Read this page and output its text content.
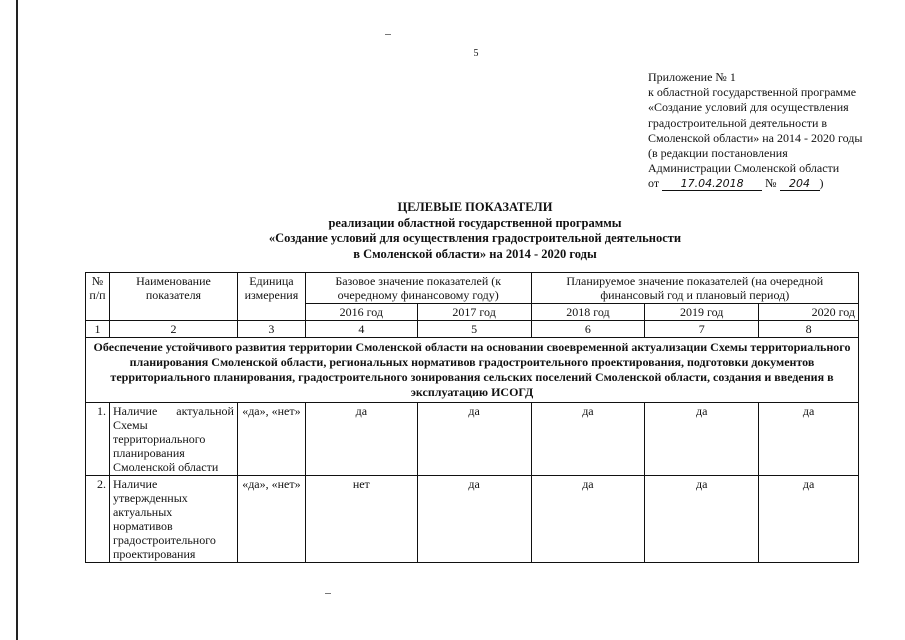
5
Приложение № 1
к областной государственной программе
«Создание условий для осуществления
градостроительной деятельности в
Смоленской области» на 2014 - 2020 годы
(в редакции постановления
Администрации Смоленской области
от 17.04.2018 № 204 )
ЦЕЛЕВЫЕ ПОКАЗАТЕЛИ
реализации областной государственной программы
«Создание условий для осуществления градостроительной деятельности
в Смоленской области» на 2014 - 2020 годы
№ п/п	Наименование показателя	Единица измерения	Базовое значение показателей (к очередному финансовому году)		Планируемое значение показателей (на очередной финансовый год и плановый период)		
			2016 год	2017 год	2018 год	2019 год	2020 год
1	2	3	4	5	6	7	8
Обеспечение устойчивого развития территории Смоленской области на основании своевременной актуализации Схемы территориального планирования Смоленской области, региональных нормативов градостроительного проектирования, подготовки документов территориального планирования, градостроительного зонирования сельских поселений Смоленской области, создания и введения в эксплуатацию ИСОГД							
1.	Наличие актуальной Схемы территориального планирования Смоленской области	«да», «нет»	да	да	да	да	да
2.	Наличие утвержденных актуальных нормативов градостроительного проектирования	«да», «нет»	нет	да	да	да	да
